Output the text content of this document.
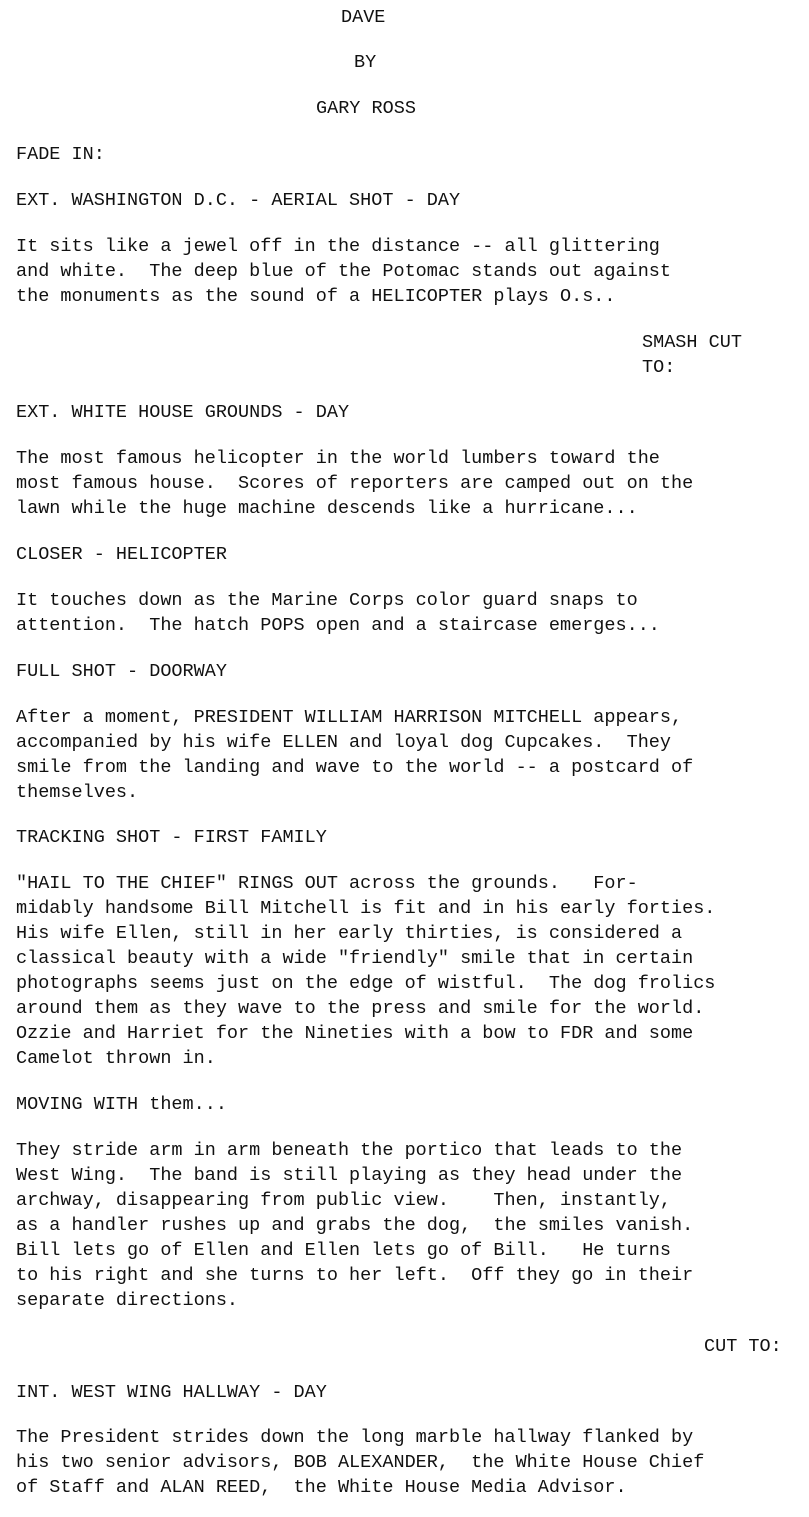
DAVE
BY
GARY ROSS
FADE IN:
EXT. WASHINGTON D.C. - AERIAL SHOT - DAY
It sits like a jewel off in the distance -- all glittering
and white.  The deep blue of the Potomac stands out against
the monuments as the sound of a HELICOPTER plays O.s..
SMASH CUT
TO:
EXT. WHITE HOUSE GROUNDS - DAY
The most famous helicopter in the world lumbers toward the
most famous house.  Scores of reporters are camped out on the
lawn while the huge machine descends like a hurricane...
CLOSER - HELICOPTER
It touches down as the Marine Corps color guard snaps to
attention.  The hatch POPS open and a staircase emerges...
FULL SHOT - DOORWAY
After a moment, PRESIDENT WILLIAM HARRISON MITCHELL appears,
accompanied by his wife ELLEN and loyal dog Cupcakes.  They
smile from the landing and wave to the world -- a postcard of
themselves.
TRACKING SHOT - FIRST FAMILY
"HAIL TO THE CHIEF" RINGS OUT across the grounds.   For-
midably handsome Bill Mitchell is fit and in his early forties.
His wife Ellen, still in her early thirties, is considered a
classical beauty with a wide "friendly" smile that in certain
photographs seems just on the edge of wistful.  The dog frolics
around them as they wave to the press and smile for the world.
Ozzie and Harriet for the Nineties with a bow to FDR and some
Camelot thrown in.
MOVING WITH them...
They stride arm in arm beneath the portico that leads to the
West Wing.  The band is still playing as they head under the
archway, disappearing from public view.    Then, instantly,
as a handler rushes up and grabs the dog,  the smiles vanish.
Bill lets go of Ellen and Ellen lets go of Bill.   He turns
to his right and she turns to her left.  Off they go in their
separate directions.
CUT TO:
INT. WEST WING HALLWAY - DAY
The President strides down the long marble hallway flanked by
his two senior advisors, BOB ALEXANDER,  the White House Chief
of Staff and ALAN REED,  the White House Media Advisor.
